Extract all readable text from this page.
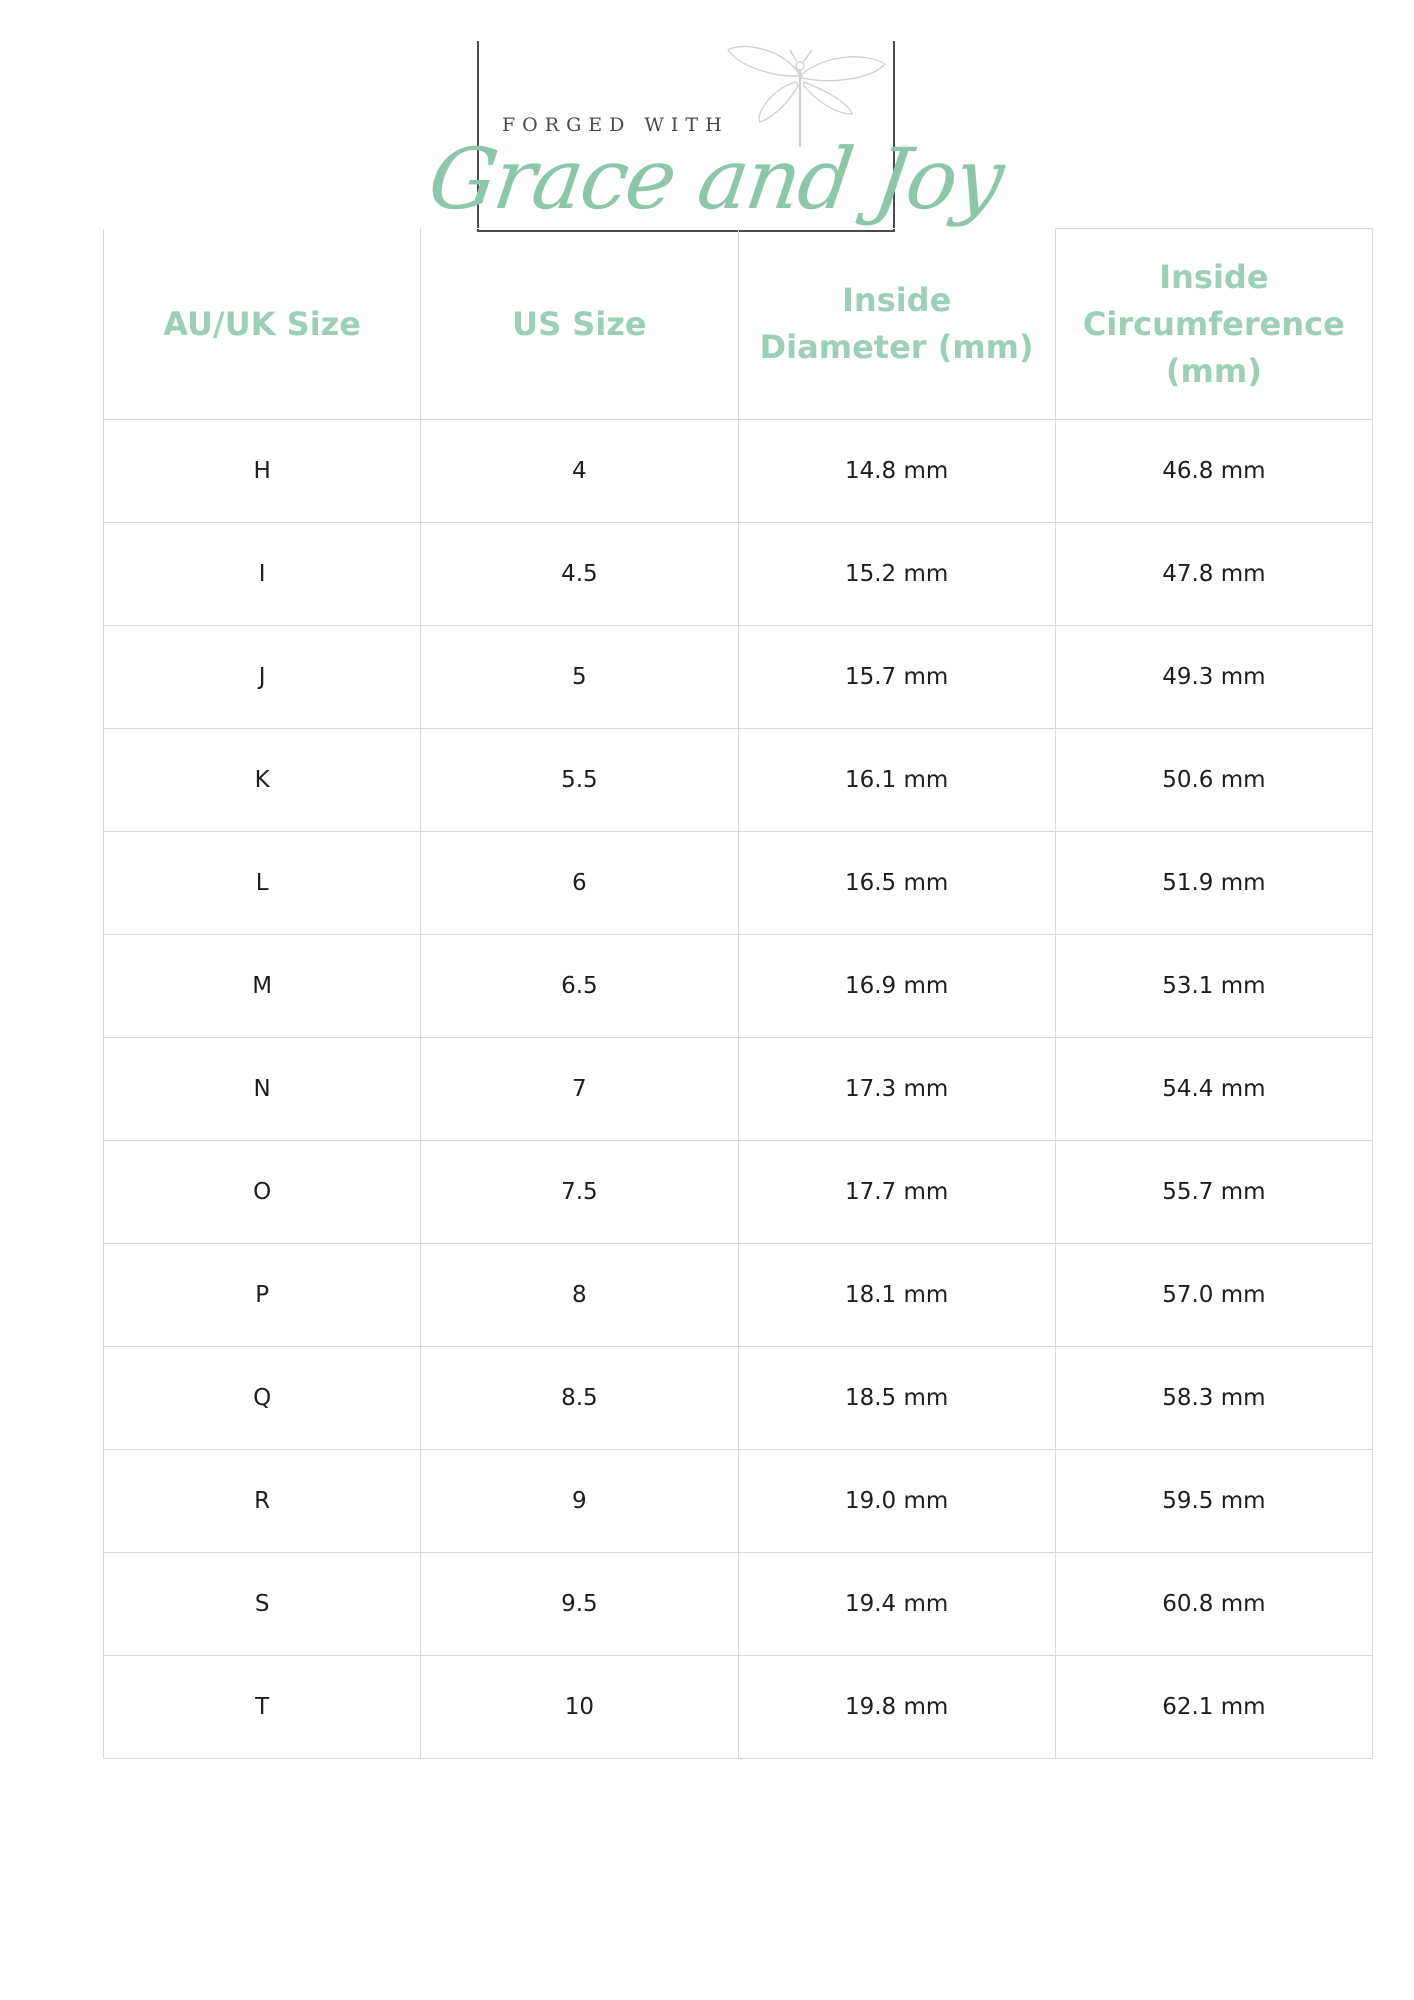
FORGED WITH
Grace and Joy
AU/UK Size	US Size	Inside Diameter (mm)	Inside Circumference (mm)
H	4	14.8 mm	46.8 mm
I	4.5	15.2 mm	47.8 mm
J	5	15.7 mm	49.3 mm
K	5.5	16.1 mm	50.6 mm
L	6	16.5 mm	51.9 mm
M	6.5	16.9 mm	53.1 mm
N	7	17.3 mm	54.4 mm
O	7.5	17.7 mm	55.7 mm
P	8	18.1 mm	57.0 mm
Q	8.5	18.5 mm	58.3 mm
R	9	19.0 mm	59.5 mm
S	9.5	19.4 mm	60.8 mm
T	10	19.8 mm	62.1 mm
